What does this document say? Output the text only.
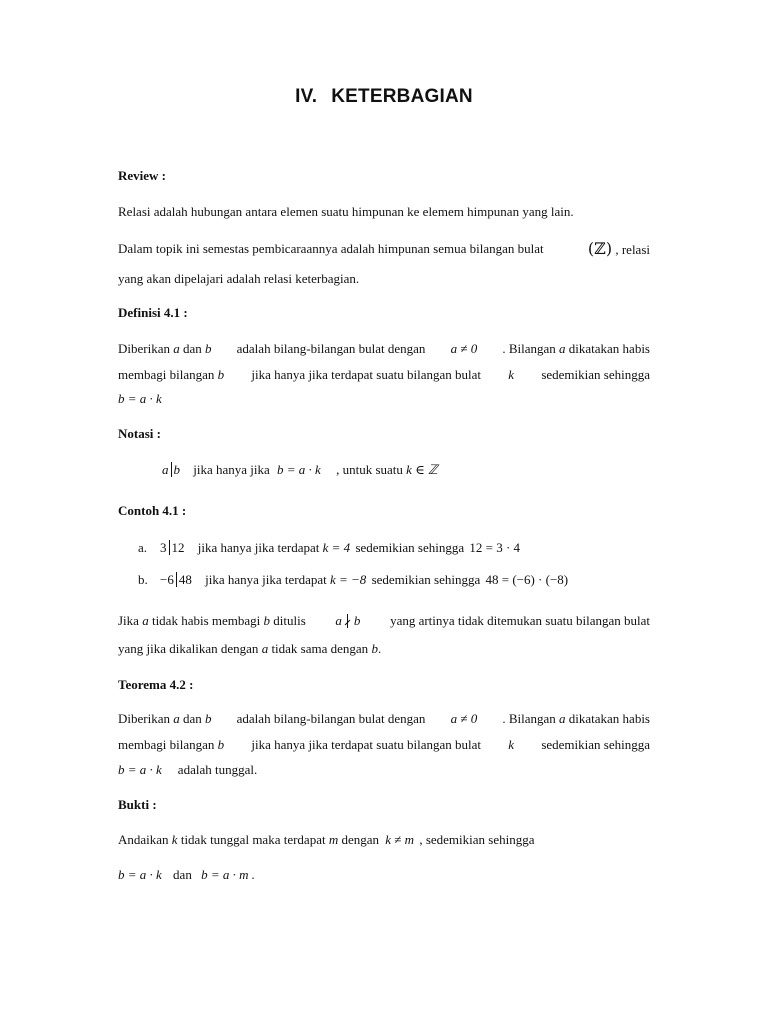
IV. KETERBAGIAN
Review :
Relasi adalah hubungan antara elemen suatu himpunan ke elemem himpunan yang lain.
Dalam topik ini semestas pembicaraannya adalah himpunan semua bilangan bulat	(ℤ) , relasi
yang akan dipelajari adalah relasi keterbagian.
Definisi 4.1 :
Diberikan a dan b adalah bilang-bilangan bulat dengan a ≠ 0 . Bilangan a dikatakan habis
membagi bilangan b jika hanya jika terdapat suatu bilangan bulat k sedemikian sehingga
b = a · k
Notasi :
a b jika hanya jika b = a · k , untuk suatu k ∈ ℤ
Contoh 4.1 :
a. 3 12 jika hanya jika terdapat k = 4 sedemikian sehingga 12 = 3 · 4
b. −6 48 jika hanya jika terdapat k = −8 sedemikian sehingga 48 = (−6) · (−8)
Jika a tidak habis membagi b ditulis a b yang artinya tidak ditemukan suatu bilangan bulat
yang jika dikalikan dengan a tidak sama dengan b.
Teorema 4.2 :
Diberikan a dan b adalah bilang-bilangan bulat dengan a ≠ 0 . Bilangan a dikatakan habis
membagi bilangan b jika hanya jika terdapat suatu bilangan bulat k sedemikian sehingga
b = a · k adalah tunggal.
Bukti :
Andaikan k tidak tunggal maka terdapat m dengan k ≠ m , sedemikian sehingga
b = a · k dan b = a · m .
